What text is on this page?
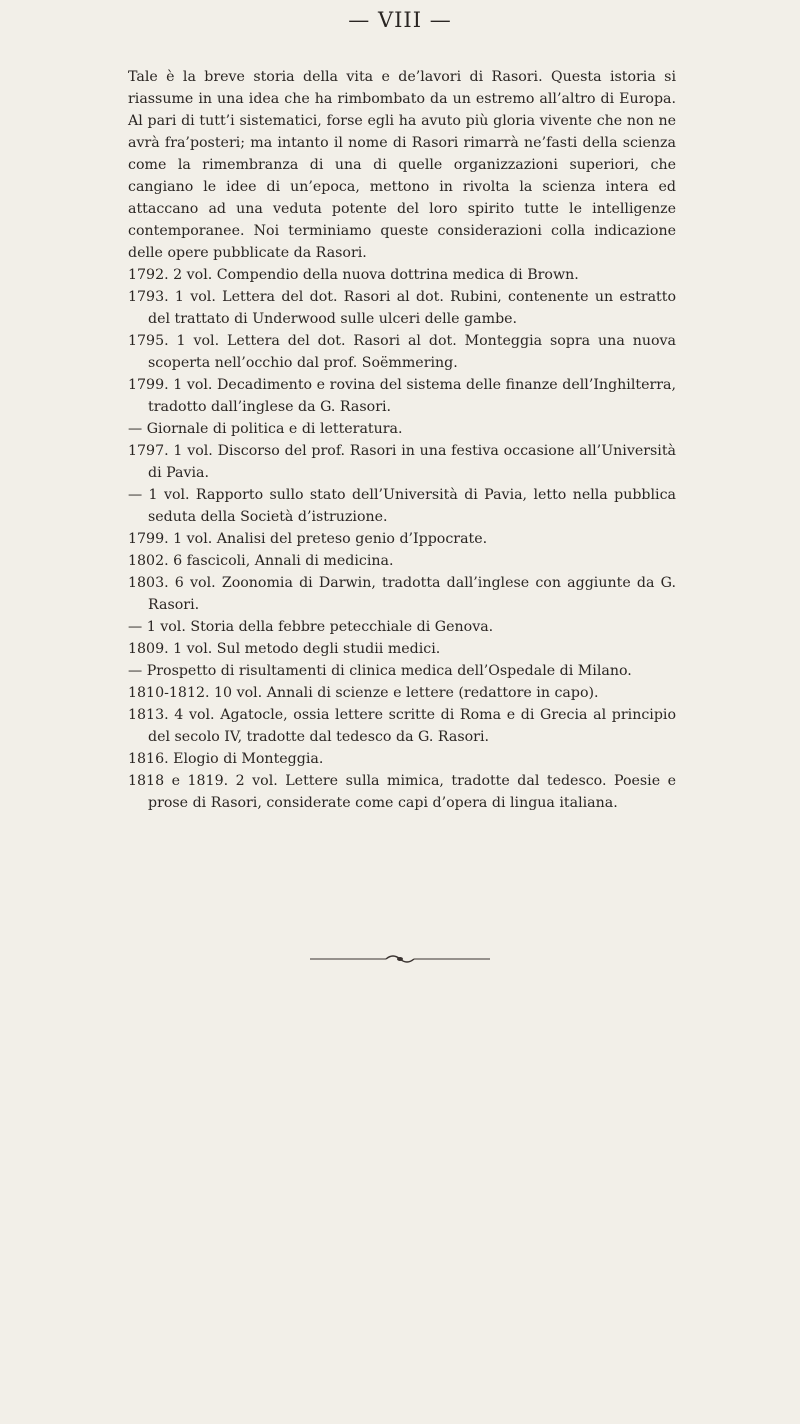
— VIII —

Tale è la breve storia della vita e de’lavori di Rasori. Questa istoria si riassume in una idea che ha rimbombato da un estremo all’altro di Europa. Al pari di tutt’i sistematici, forse egli ha avuto più gloria vivente che non ne avrà fra’posteri; ma intanto il nome di Rasori rimarrà ne’fasti della scienza come la rimembranza di una di quelle organizzazioni superiori, che cangiano le idee di un’epoca, mettono in rivolta la scienza intera ed attaccano ad una veduta potente del loro spirito tutte le intelligenze contemporanee. Noi terminiamo queste considerazioni colla indicazione delle opere pubblicate da Rasori.

1792. 2 vol. Compendio della nuova dottrina medica di Brown.

1793. 1 vol. Lettera del dot. Rasori al dot. Rubini, contenente un estratto del trattato di Underwood sulle ulceri delle gambe.

1795. 1 vol. Lettera del dot. Rasori al dot. Monteggia sopra una nuova scoperta nell’occhio dal prof. Soëmmering.

1799. 1 vol. Decadimento e rovina del sistema delle finanze dell’Inghilterra, tradotto dall’inglese da G. Rasori.

— Giornale di politica e di letteratura.

1797. 1 vol. Discorso del prof. Rasori in una festiva occasione all’Università di Pavia.

— 1 vol. Rapporto sullo stato dell’Università di Pavia, letto nella pubblica seduta della Società d’istruzione.

1799. 1 vol. Analisi del preteso genio d’Ippocrate.

1802. 6 fascicoli, Annali di medicina.

1803. 6 vol. Zoonomia di Darwin, tradotta dall’inglese con aggiunte da G. Rasori.

— 1 vol. Storia della febbre petecchiale di Genova.

1809. 1 vol. Sul metodo degli studii medici.

— Prospetto di risultamenti di clinica medica dell’Ospedale di Milano.

1810-1812. 10 vol. Annali di scienze e lettere (redattore in capo).

1813. 4 vol. Agatocle, ossia lettere scritte di Roma e di Grecia al principio del secolo IV, tradotte dal tedesco da G. Rasori.

1816. Elogio di Monteggia.

1818 e 1819. 2 vol. Lettere sulla mimica, tradotte dal tedesco. Poesie e prose di Rasori, considerate come capi d’opera di lingua italiana.
